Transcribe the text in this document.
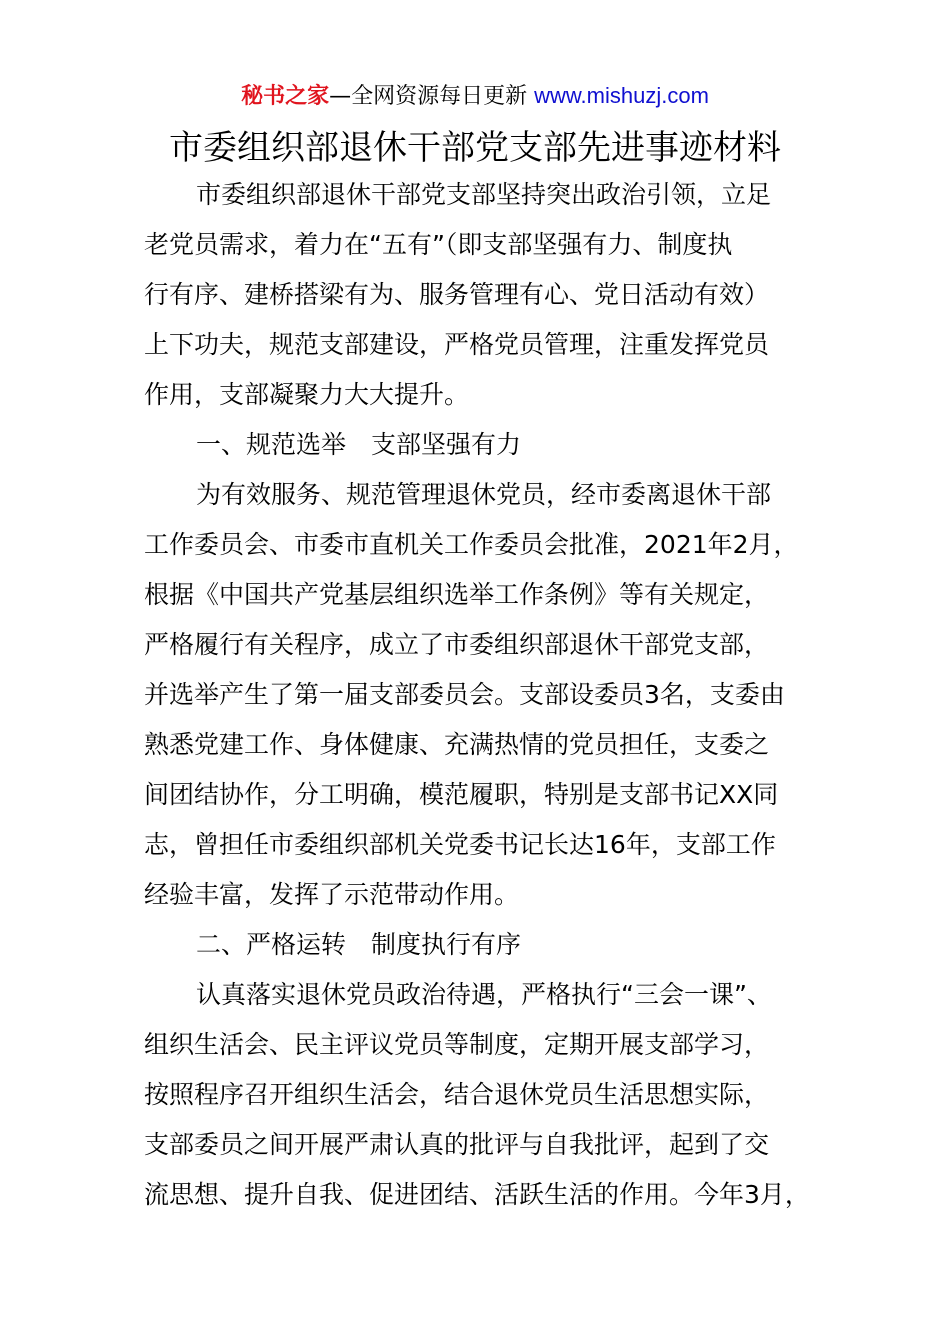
秘书之家—全网资源每日更新 www.mishuzj.com
市委组织部退休干部党支部先进事迹材料
市委组织部退休干部党支部坚持突出政治引领，立足
老党员需求，着力在“五有”（即支部坚强有力、制度执
行有序、建桥搭梁有为、服务管理有心、党日活动有效）
上下功夫，规范支部建设，严格党员管理，注重发挥党员
作用，支部凝聚力大大提升。
一、规范选举　支部坚强有力
为有效服务、规范管理退休党员，经市委离退休干部
工作委员会、市委市直机关工作委员会批准，2021年2月，
根据《中国共产党基层组织选举工作条例》等有关规定，
严格履行有关程序，成立了市委组织部退休干部党支部，
并选举产生了第一届支部委员会。支部设委员3名，支委由
熟悉党建工作、身体健康、充满热情的党员担任，支委之
间团结协作，分工明确，模范履职，特别是支部书记XX同
志，曾担任市委组织部机关党委书记长达16年，支部工作
经验丰富，发挥了示范带动作用。
二、严格运转　制度执行有序
认真落实退休党员政治待遇，严格执行“三会一课”、
组织生活会、民主评议党员等制度，定期开展支部学习，
按照程序召开组织生活会，结合退休党员生活思想实际，
支部委员之间开展严肃认真的批评与自我批评，起到了交
流思想、提升自我、促进团结、活跃生活的作用。今年3月，
